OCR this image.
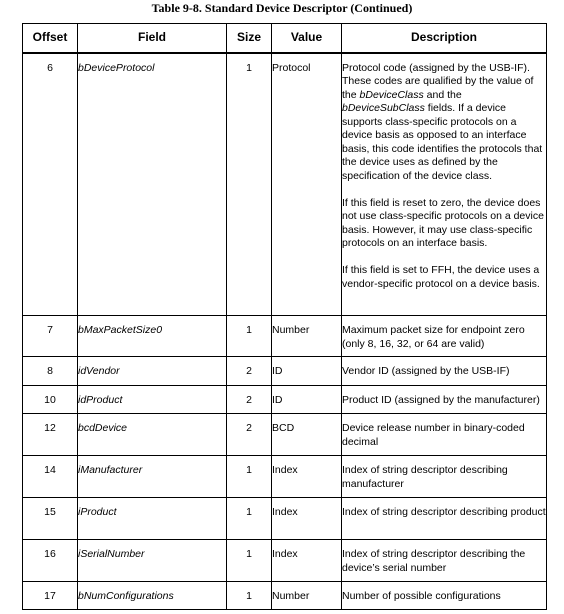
Table 9-8. Standard Device Descriptor (Continued)
Offset	Field	Size	Value	Description
6	bDeviceProtocol	1	Protocol	Protocol code (assigned by the USB-IF). These codes are qualified by the value of the bDeviceClass and the bDeviceSubClass fields. If a device supports class-specific protocols on a device basis as opposed to an interface basis, this code identifies the protocols that the device uses as defined by the specification of the device class.

If this field is reset to zero, the device does not use class-specific protocols on a device basis. However, it may use class-specific protocols on an interface basis.

If this field is set to FFH, the device uses a vendor-specific protocol on a device basis.

7	bMaxPacketSize0	1	Number	Maximum packet size for endpoint zero (only 8, 16, 32, or 64 are valid)
8	idVendor	2	ID	Vendor ID (assigned by the USB-IF)
10	idProduct	2	ID	Product ID (assigned by the manufacturer)
12	bcdDevice	2	BCD	Device release number in binary-coded decimal
14	iManufacturer	1	Index	Index of string descriptor describing manufacturer
15	iProduct	1	Index	Index of string descriptor describing product
16	iSerialNumber	1	Index	Index of string descriptor describing the device’s serial number
17	bNumConfigurations	1	Number	Number of possible configurations
